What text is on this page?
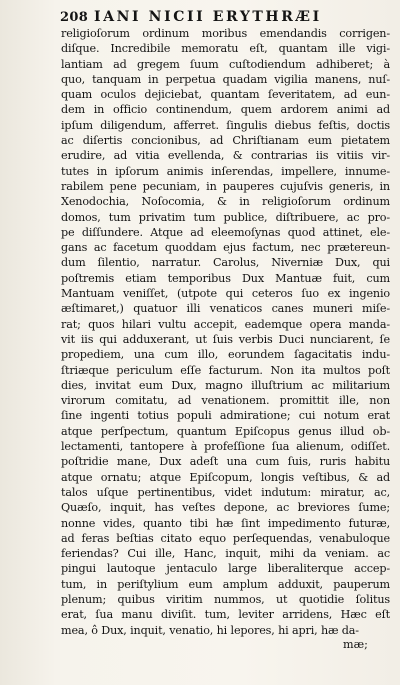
208 IANI NICII ERYTHRÆI
religioſorum ordinum moribus emendandis corrigen-
diſque. Incredibile memoratu eſt, quantam ille vigi-
lantiam ad gregem ſuum cuſtodiendum adhiberet; à
quo, tanquam in perpetua quadam vigilia manens, nuſ-
quam oculos dejiciebat, quantam ſeveritatem, ad eun-
dem in officio continendum, quem ardorem animi ad
ipſum diligendum, afferret. ſingulis diebus feſtis, doctis
ac diſertis concionibus, ad Chriſtianam eum pietatem
erudire, ad vitia evellenda, & contrarias iis vitiis vir-
tutes in ipſorum animis inſerendas, impellere, innume-
rabilem pene pecuniam, in pauperes cujuſvis generis, in
Xenodochia, Noſocomia, & in religioſorum ordinum
domos, tum privatim tum publice, diſtribuere, ac pro-
pe diſſundere. Atque ad eleemoſynas quod attinet, ele-
gans ac facetum quoddam ejus factum, nec prætereun-
dum ſilentio, narratur. Carolus, Niverniæ Dux, qui
poſtremis etiam temporibus Dux Mantuæ fuit, cum
Mantuam veniſſet, (utpote qui ceteros ſuo ex ingenio
æſtimaret,) quatuor illi venaticos canes muneri miſe-
rat; quos hilari vultu accepit, eademque opera manda-
vit iis qui adduxerant, ut ſuis verbis Duci nunciarent, ſe
propediem, una cum illo, eorundem ſagacitatis indu-
ſtriæque periculum eſſe facturum. Non ita multos poſt
dies, invitat eum Dux, magno illuſtrium ac militarium
virorum comitatu, ad venationem. promittit ille, non
ſine ingenti totius populi admiratione; cui notum erat
atque perſpectum, quantum Epiſcopus genus illud ob-
lectamenti, tantopere à profeſſione ſua alienum, odiſſet.
poſtridie mane, Dux adeſt una cum ſuis, ruris habitu
atque ornatu; atque Epiſcopum, longis veſtibus, & ad
talos uſque pertinentibus, videt indutum: miratur, ac,
Quæſo, inquit, has veſtes depone, ac breviores ſume;
nonne vides, quanto tibi hæ ſint impedimento futuræ,
ad feras beſtias citato equo perſequendas, venabuloque
feriendas? Cui ille, Hanc, inquit, mihi da veniam. ac
pingui lautoque jentaculo large liberaliterque accep-
tum, in periſtylium eum amplum adduxit, pauperum
plenum; quibus viritim nummos, ut quotidie ſolitus
erat, ſua manu diviſit. tum, leviter arridens, Hæc eſt
mea, ô Dux, inquit, venatio, hi lepores, hi apri, hæ da-
mæ;
